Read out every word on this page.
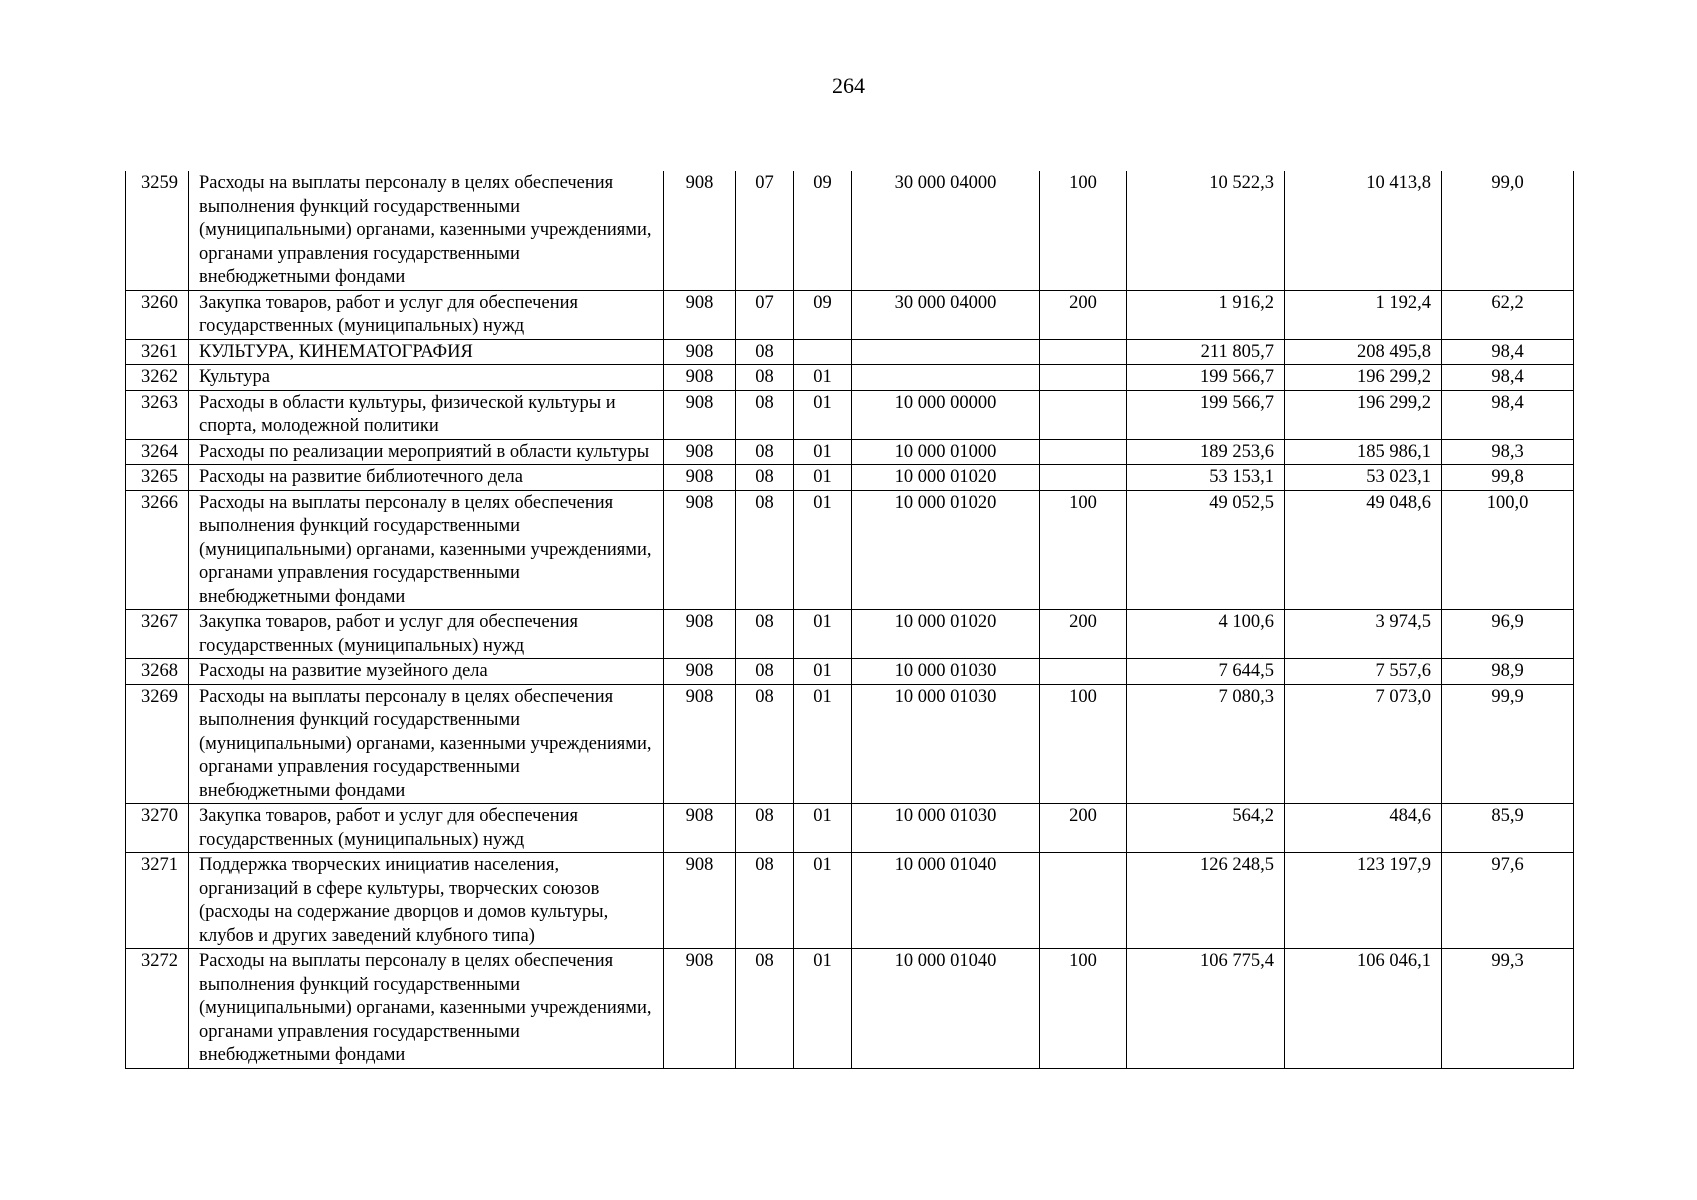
264
3259	Расходы на выплаты персоналу в целях обеспечения выполнения функций государственными (муниципальными) органами, казенными учреждениями, органами управления государственными внебюджетными фондами	908	07	09	30 000 04000	100	10 522,3	10 413,8	99,0
3260	Закупка товаров, работ и услуг для обеспечения государственных (муниципальных) нужд	908	07	09	30 000 04000	200	1 916,2	1 192,4	62,2
3261	КУЛЬТУРА, КИНЕМАТОГРАФИЯ	908	08				211 805,7	208 495,8	98,4
3262	Культура	908	08	01			199 566,7	196 299,2	98,4
3263	Расходы в области культуры, физической культуры и спорта, молодежной политики	908	08	01	10 000 00000		199 566,7	196 299,2	98,4
3264	Расходы по реализации мероприятий в области культуры	908	08	01	10 000 01000		189 253,6	185 986,1	98,3
3265	Расходы на развитие библиотечного дела	908	08	01	10 000 01020		53 153,1	53 023,1	99,8
3266	Расходы на выплаты персоналу в целях обеспечения выполнения функций государственными (муниципальными) органами, казенными учреждениями, органами управления государственными внебюджетными фондами	908	08	01	10 000 01020	100	49 052,5	49 048,6	100,0
3267	Закупка товаров, работ и услуг для обеспечения государственных (муниципальных) нужд	908	08	01	10 000 01020	200	4 100,6	3 974,5	96,9
3268	Расходы на развитие музейного дела	908	08	01	10 000 01030		7 644,5	7 557,6	98,9
3269	Расходы на выплаты персоналу в целях обеспечения выполнения функций государственными (муниципальными) органами, казенными учреждениями, органами управления государственными внебюджетными фондами	908	08	01	10 000 01030	100	7 080,3	7 073,0	99,9
3270	Закупка товаров, работ и услуг для обеспечения государственных (муниципальных) нужд	908	08	01	10 000 01030	200	564,2	484,6	85,9
3271	Поддержка творческих инициатив населения, организаций в сфере культуры, творческих союзов (расходы на содержание дворцов и домов культуры, клубов и других заведений клубного типа)	908	08	01	10 000 01040		126 248,5	123 197,9	97,6
3272	Расходы на выплаты персоналу в целях обеспечения выполнения функций государственными (муниципальными) органами, казенными учреждениями, органами управления государственными внебюджетными фондами	908	08	01	10 000 01040	100	106 775,4	106 046,1	99,3
